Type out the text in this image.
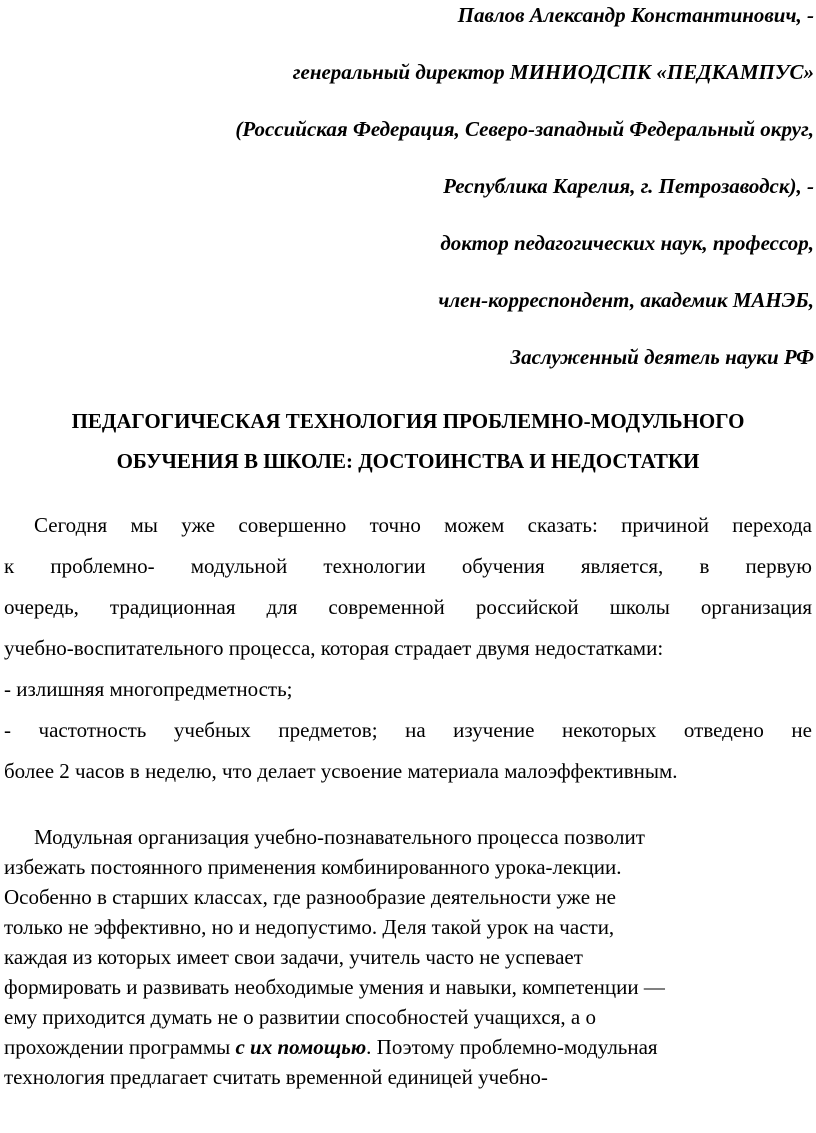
Павлов Александр Константинович, -
генеральный директор МИНИОДСПК «ПЕДКАМПУС»
(Российская Федерация, Северо-западный Федеральный округ,
Республика Карелия, г. Петрозаводск), -
доктор педагогических наук, профессор,
член-корреспондент, академик МАНЭБ,
Заслуженный деятель науки РФ
ПЕДАГОГИЧЕСКАЯ ТЕХНОЛОГИЯ ПРОБЛЕМНО-МОДУЛЬНОГО
ОБУЧЕНИЯ В ШКОЛЕ: ДОСТОИНСТВА И НЕДОСТАТКИ
Сегодня мы уже совершенно точно можем сказать: причиной перехода
к проблемно- модульной технологии обучения является, в первую
очередь, традиционная для современной российской школы организация
учебно-воспитательного процесса, которая страдает двумя недостатками:
- излишняя многопредметность;
- частотность учебных предметов; на изучение некоторых отведено не
более 2 часов в неделю, что делает усвоение материала малоэффективным.
Модульная организация учебно-познавательного процесса позволит
избежать постоянного применения комбинированного урока-лекции.
Особенно в старших классах, где разнообразие деятельности уже не
только не эффективно, но и недопустимо. Деля такой урок на части,
каждая из которых имеет свои задачи, учитель часто не успевает
формировать и развивать необходимые умения и навыки, компетенции —
ему приходится думать не о развитии способностей учащихся, а о
прохождении программы с их помощью. Поэтому проблемно-модульная
технология предлагает считать временной единицей учебно-
